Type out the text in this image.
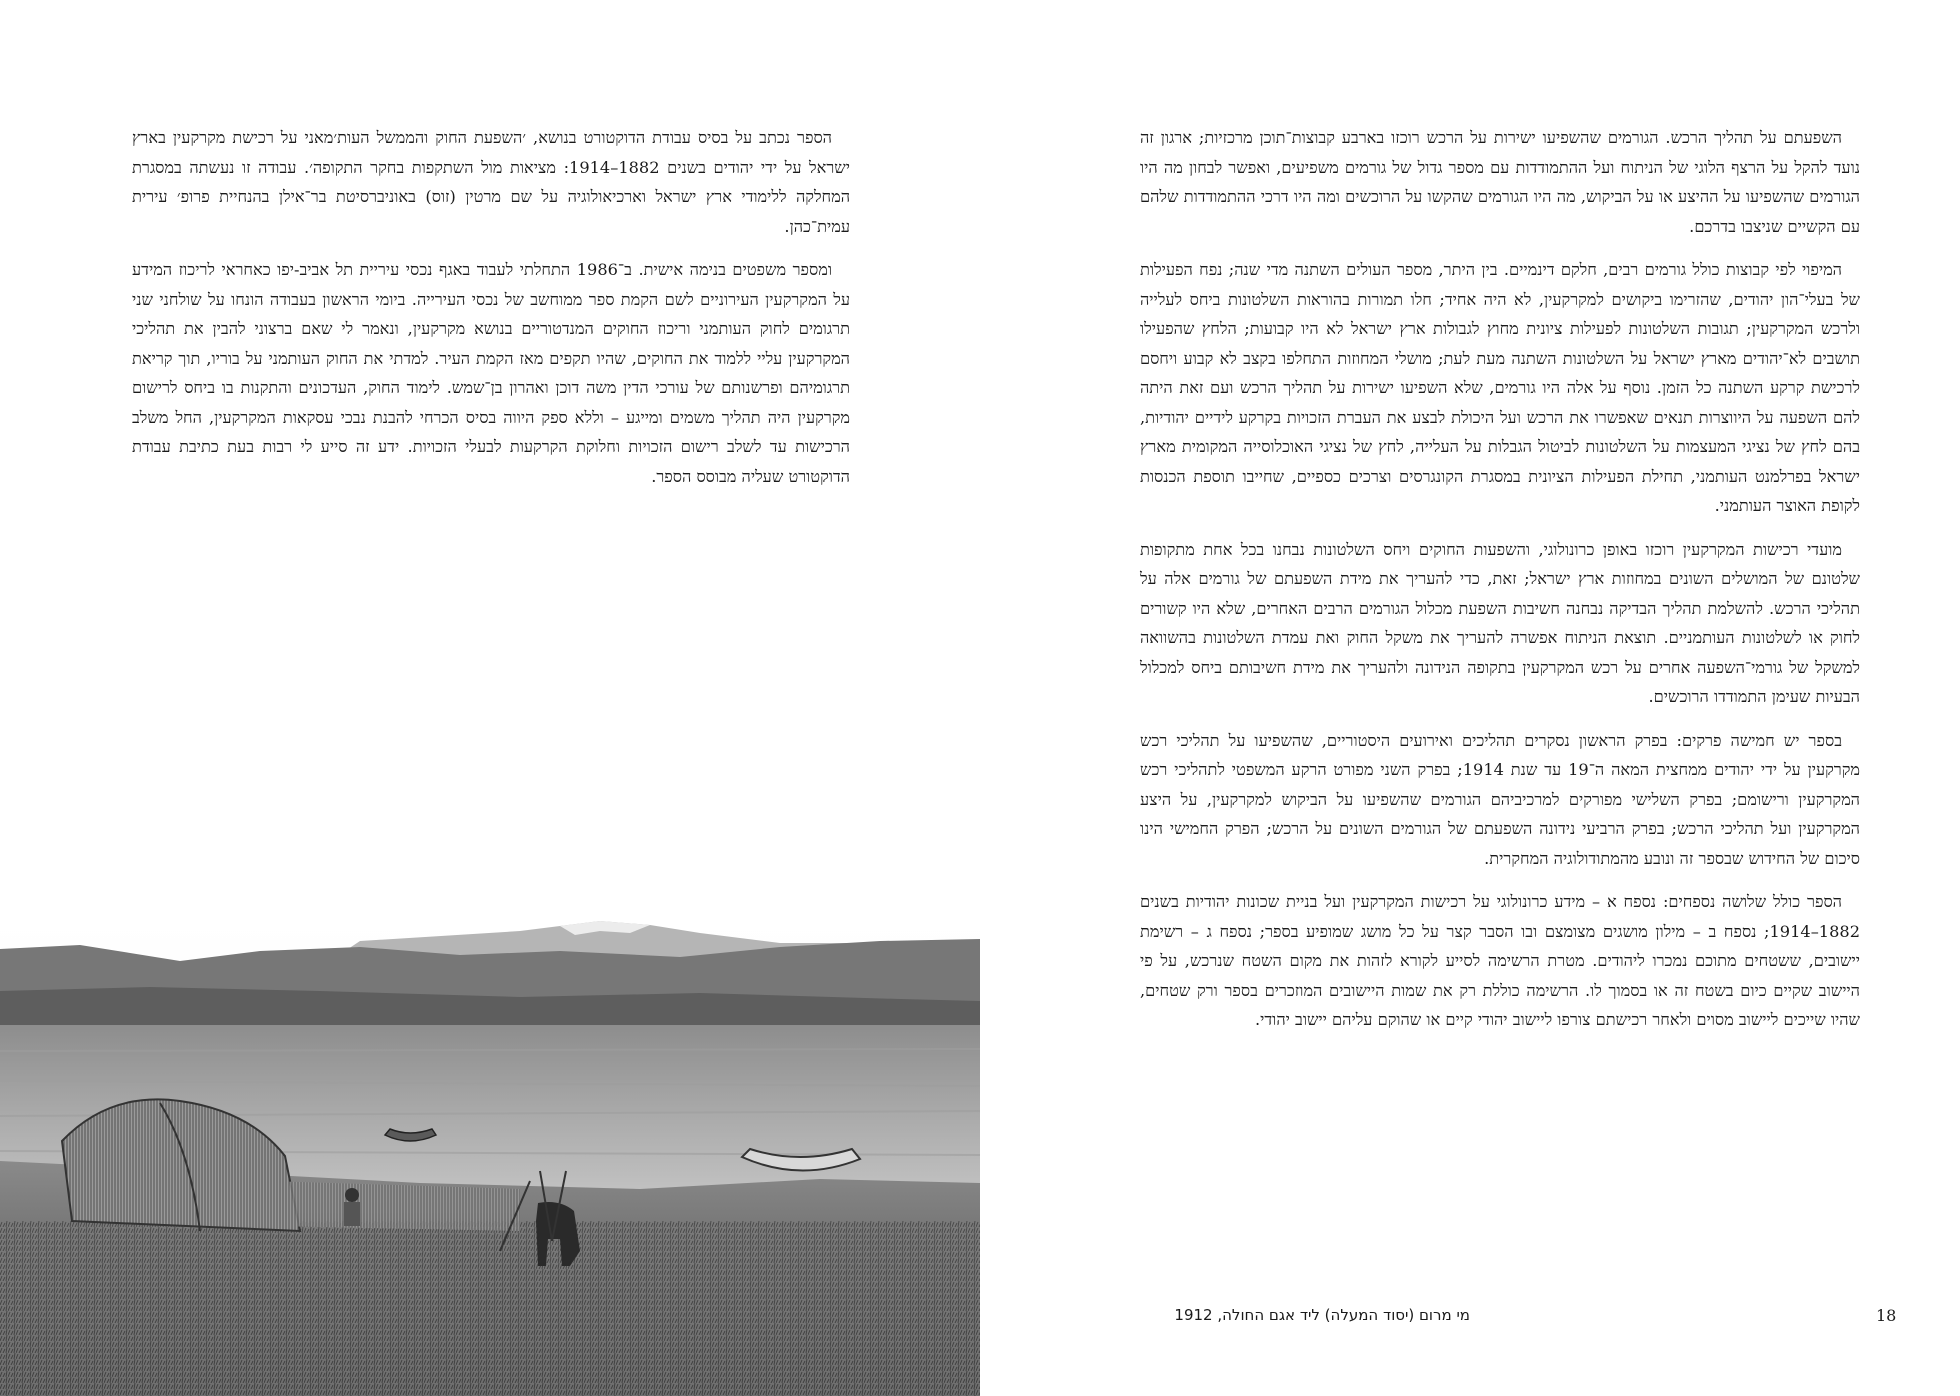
הספר נכתב על בסיס עבודת הדוקטורט בנושא, ׳השפעת החוק והממשל העות׳מאני על רכישת מקרקעין בארץ ישראל על ידי יהודים בשנים 1882–1914: מציאות מול השתקפות בחקר התקופה׳. עבודה זו נעשתה במסגרת המחלקה ללימודי ארץ ישראל וארכיאולוגיה על שם מרטין (זוס) באוניברסיטת בר־אילן בהנחיית פרופ׳ עירית עמית־כהן.

ומספר משפטים בנימה אישית. ב־1986 התחלתי לעבוד באגף נכסי עיריית תל אביב-יפו כאחראי לריכוז המידע על המקרקעין העירוניים לשם הקמת ספר ממוחשב של נכסי העירייה. ביומי הראשון בעבודה הונחו על שולחני שני תרגומים לחוק העותמני וריכוז החוקים המנדטוריים בנושא מקרקעין, ונאמר לי שאם ברצוני להבין את תהליכי המקרקעין עליי ללמוד את החוקים, שהיו תקפים מאז הקמת העיר. למדתי את החוק העותמני על בוריו, תוך קריאת תרגומיהם ופרשנותם של עורכי הדין משה דוכן ואהרון בן־שמש. לימוד החוק, העדכונים והתקנות בו ביחס לרישום מקרקעין היה תהליך משמים ומייגע – וללא ספק היווה בסיס הכרחי להבנת נבכי עסקאות המקרקעין, החל משלב הרכישות עד לשלב רישום הזכויות וחלוקת הקרקעות לבעלי הזכויות. ידע זה סייע לי רבות בעת כתיבת עבודת הדוקטורט שעליה מבוסס הספר.

השפעתם על תהליך הרכש. הגורמים שהשפיעו ישירות על הרכש רוכזו בארבע קבוצות־תוכן מרכזיות; ארגון זה נועד להקל על הרצף הלוגי של הניתוח ועל ההתמודדות עם מספר גדול של גורמים משפיעים, ואפשר לבחון מה היו הגורמים שהשפיעו על ההיצע או על הביקוש, מה היו הגורמים שהקשו על הרוכשים ומה היו דרכי ההתמודדות שלהם עם הקשיים שניצבו בדרכם.

המיפוי לפי קבוצות כולל גורמים רבים, חלקם דינמיים. בין היתר, מספר העולים השתנה מדי שנה; נפח הפעילות של בעלי־הון יהודים, שהזרימו ביקושים למקרקעין, לא היה אחיד; חלו תמורות בהוראות השלטונות ביחס לעלייה ולרכש המקרקעין; תגובות השלטונות לפעילות ציונית מחוץ לגבולות ארץ ישראל לא היו קבועות; הלחץ שהפעילו תושבים לא־יהודים מארץ ישראל על השלטונות השתנה מעת לעת; מושלי המחוזות התחלפו בקצב לא קבוע ויחסם לרכישת קרקע השתנה כל הזמן. נוסף על אלה היו גורמים, שלא השפיעו ישירות על תהליך הרכש ועם זאת היתה להם השפעה על היווצרות תנאים שאפשרו את הרכש ועל היכולת לבצע את העברת הזכויות בקרקע לידיים יהודיות, בהם לחץ של נציגי המעצמות על השלטונות לביטול הגבלות על העלייה, לחץ של נציגי האוכלוסייה המקומית מארץ ישראל בפרלמנט העותמני, תחילת הפעילות הציונית במסגרת הקונגרסים וצרכים כספיים, שחייבו תוספת הכנסות לקופת האוצר העותמני.

מועדי רכישות המקרקעין רוכזו באופן כרונולוגי, והשפעות החוקים ויחס השלטונות נבחנו בכל אחת מתקופות שלטונם של המושלים השונים במחוזות ארץ ישראל; זאת, כדי להעריך את מידת השפעתם של גורמים אלה על תהליכי הרכש. להשלמת תהליך הבדיקה נבחנה חשיבות השפעת מכלול הגורמים הרבים האחרים, שלא היו קשורים לחוק או לשלטונות העותמניים. תוצאת הניתוח אפשרה להעריך את משקל החוק ואת עמדת השלטונות בהשוואה למשקל של גורמי־השפעה אחרים על רכש המקרקעין בתקופה הנידונה ולהעריך את מידת חשיבותם ביחס למכלול הבעיות שעימן התמודדו הרוכשים.

בספר יש חמישה פרקים: בפרק הראשון נסקרים תהליכים ואירועים היסטוריים, שהשפיעו על תהליכי רכש מקרקעין על ידי יהודים ממחצית המאה ה־19 עד שנת 1914; בפרק השני מפורט הרקע המשפטי לתהליכי רכש המקרקעין ורישומם; בפרק השלישי מפורקים למרכיביהם הגורמים שהשפיעו על הביקוש למקרקעין, על היצע המקרקעין ועל תהליכי הרכש; בפרק הרביעי נידונה השפעתם של הגורמים השונים על הרכש; הפרק החמישי הינו סיכום של החידוש שבספר זה ונובע מהמתודולוגיה המחקרית.

הספר כולל שלושה נספחים: נספח א – מידע כרונולוגי על רכישות המקרקעין ועל בניית שכונות יהודיות בשנים 1882–1914; נספח ב – מילון מושגים מצומצם ובו הסבר קצר על כל מושג שמופיע בספר; נספח ג – רשימת יישובים, ששטחים מתוכם נמכרו ליהודים. מטרת הרשימה לסייע לקורא לזהות את מקום השטח שנרכש, על פי היישוב שקיים כיום בשטח זה או בסמוך לו. הרשימה כוללת רק את שמות היישובים המוזכרים בספר ורק שטחים, שהיו שייכים ליישוב מסוים ולאחר רכישתם צורפו ליישוב יהודי קיים או שהוקם עליהם יישוב יהודי.

מי מרום (יסוד המעלה) ליד אגם החולה, 1912	18
